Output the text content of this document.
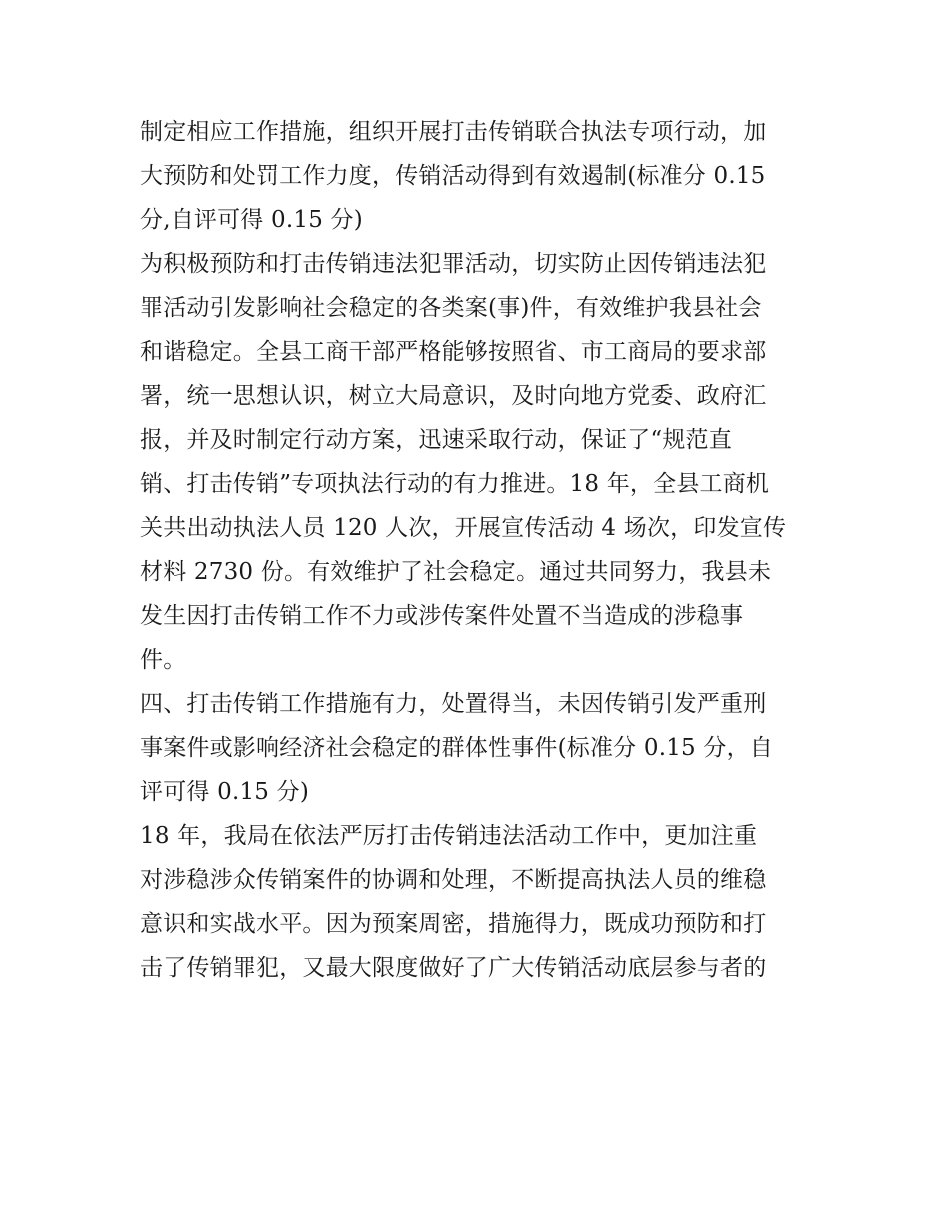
制定相应工作措施，组织开展打击传销联合执法专项行动，加
大预防和处罚工作力度，传销活动得到有效遏制(标准分 0.15
分,自评可得 0.15 分)
为积极预防和打击传销违法犯罪活动，切实防止因传销违法犯
罪活动引发影响社会稳定的各类案(事)件，有效维护我县社会
和谐稳定。全县工商干部严格能够按照省、市工商局的要求部
署，统一思想认识，树立大局意识，及时向地方党委、政府汇
报，并及时制定行动方案，迅速采取行动，保证了“规范直
销、打击传销”专项执法行动的有力推进。18 年，全县工商机
关共出动执法人员 120 人次，开展宣传活动 4 场次，印发宣传
材料 2730 份。有效维护了社会稳定。通过共同努力，我县未
发生因打击传销工作不力或涉传案件处置不当造成的涉稳事
件。
四、打击传销工作措施有力，处置得当，未因传销引发严重刑
事案件或影响经济社会稳定的群体性事件(标准分 0.15 分，自
评可得 0.15 分)
18 年，我局在依法严厉打击传销违法活动工作中，更加注重
对涉稳涉众传销案件的协调和处理，不断提高执法人员的维稳
意识和实战水平。因为预案周密，措施得力，既成功预防和打
击了传销罪犯，又最大限度做好了广大传销活动底层参与者的
